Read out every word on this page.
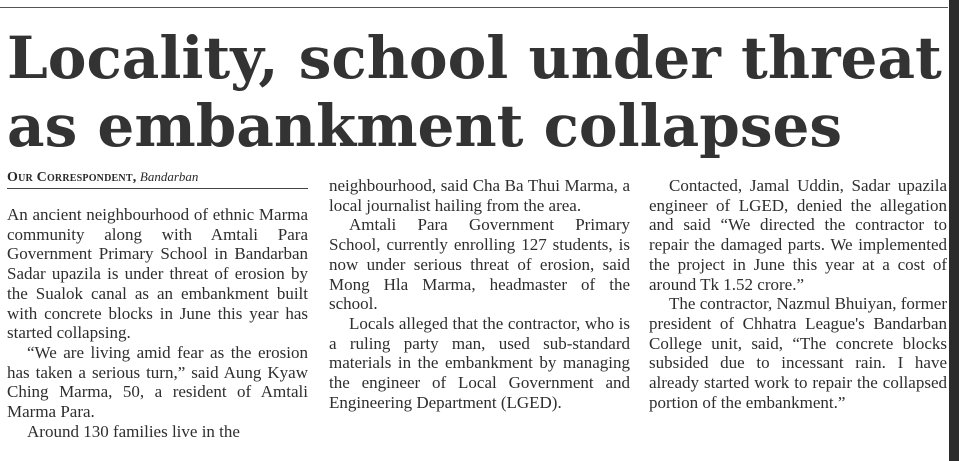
Locality, school under threat as embankment collapses
Our Correspondent, Bandarban

An ancient neighbourhood of ethnic Marma community along with Amtali Para Government Primary School in Bandarban Sadar upazila is under threat of erosion by the Sualok canal as an embankment built with concrete blocks in June this year has started collapsing.

“We are living amid fear as the erosion has taken a serious turn,” said Aung Kyaw Ching Marma, 50, a resident of Amtali Marma Para.

Around 130 families live in the

neighbourhood, said Cha Ba Thui Marma, a local journalist hailing from the area.

Amtali Para Government Primary School, currently enrolling 127 students, is now under serious threat of erosion, said Mong Hla Marma, headmaster of the school.

Locals alleged that the contractor, who is a ruling party man, used sub-standard materials in the embankment by managing the engineer of Local Government and Engineering Department (LGED).

Contacted, Jamal Uddin, Sadar upazila engineer of LGED, denied the allegation and said “We directed the contractor to repair the damaged parts. We implemented the project in June this year at a cost of around Tk 1.52 crore.”

The contractor, Nazmul Bhuiyan, former president of Chhatra League's Bandarban College unit, said, “The concrete blocks subsided due to incessant rain. I have already started work to repair the collapsed portion of the embankment.”
